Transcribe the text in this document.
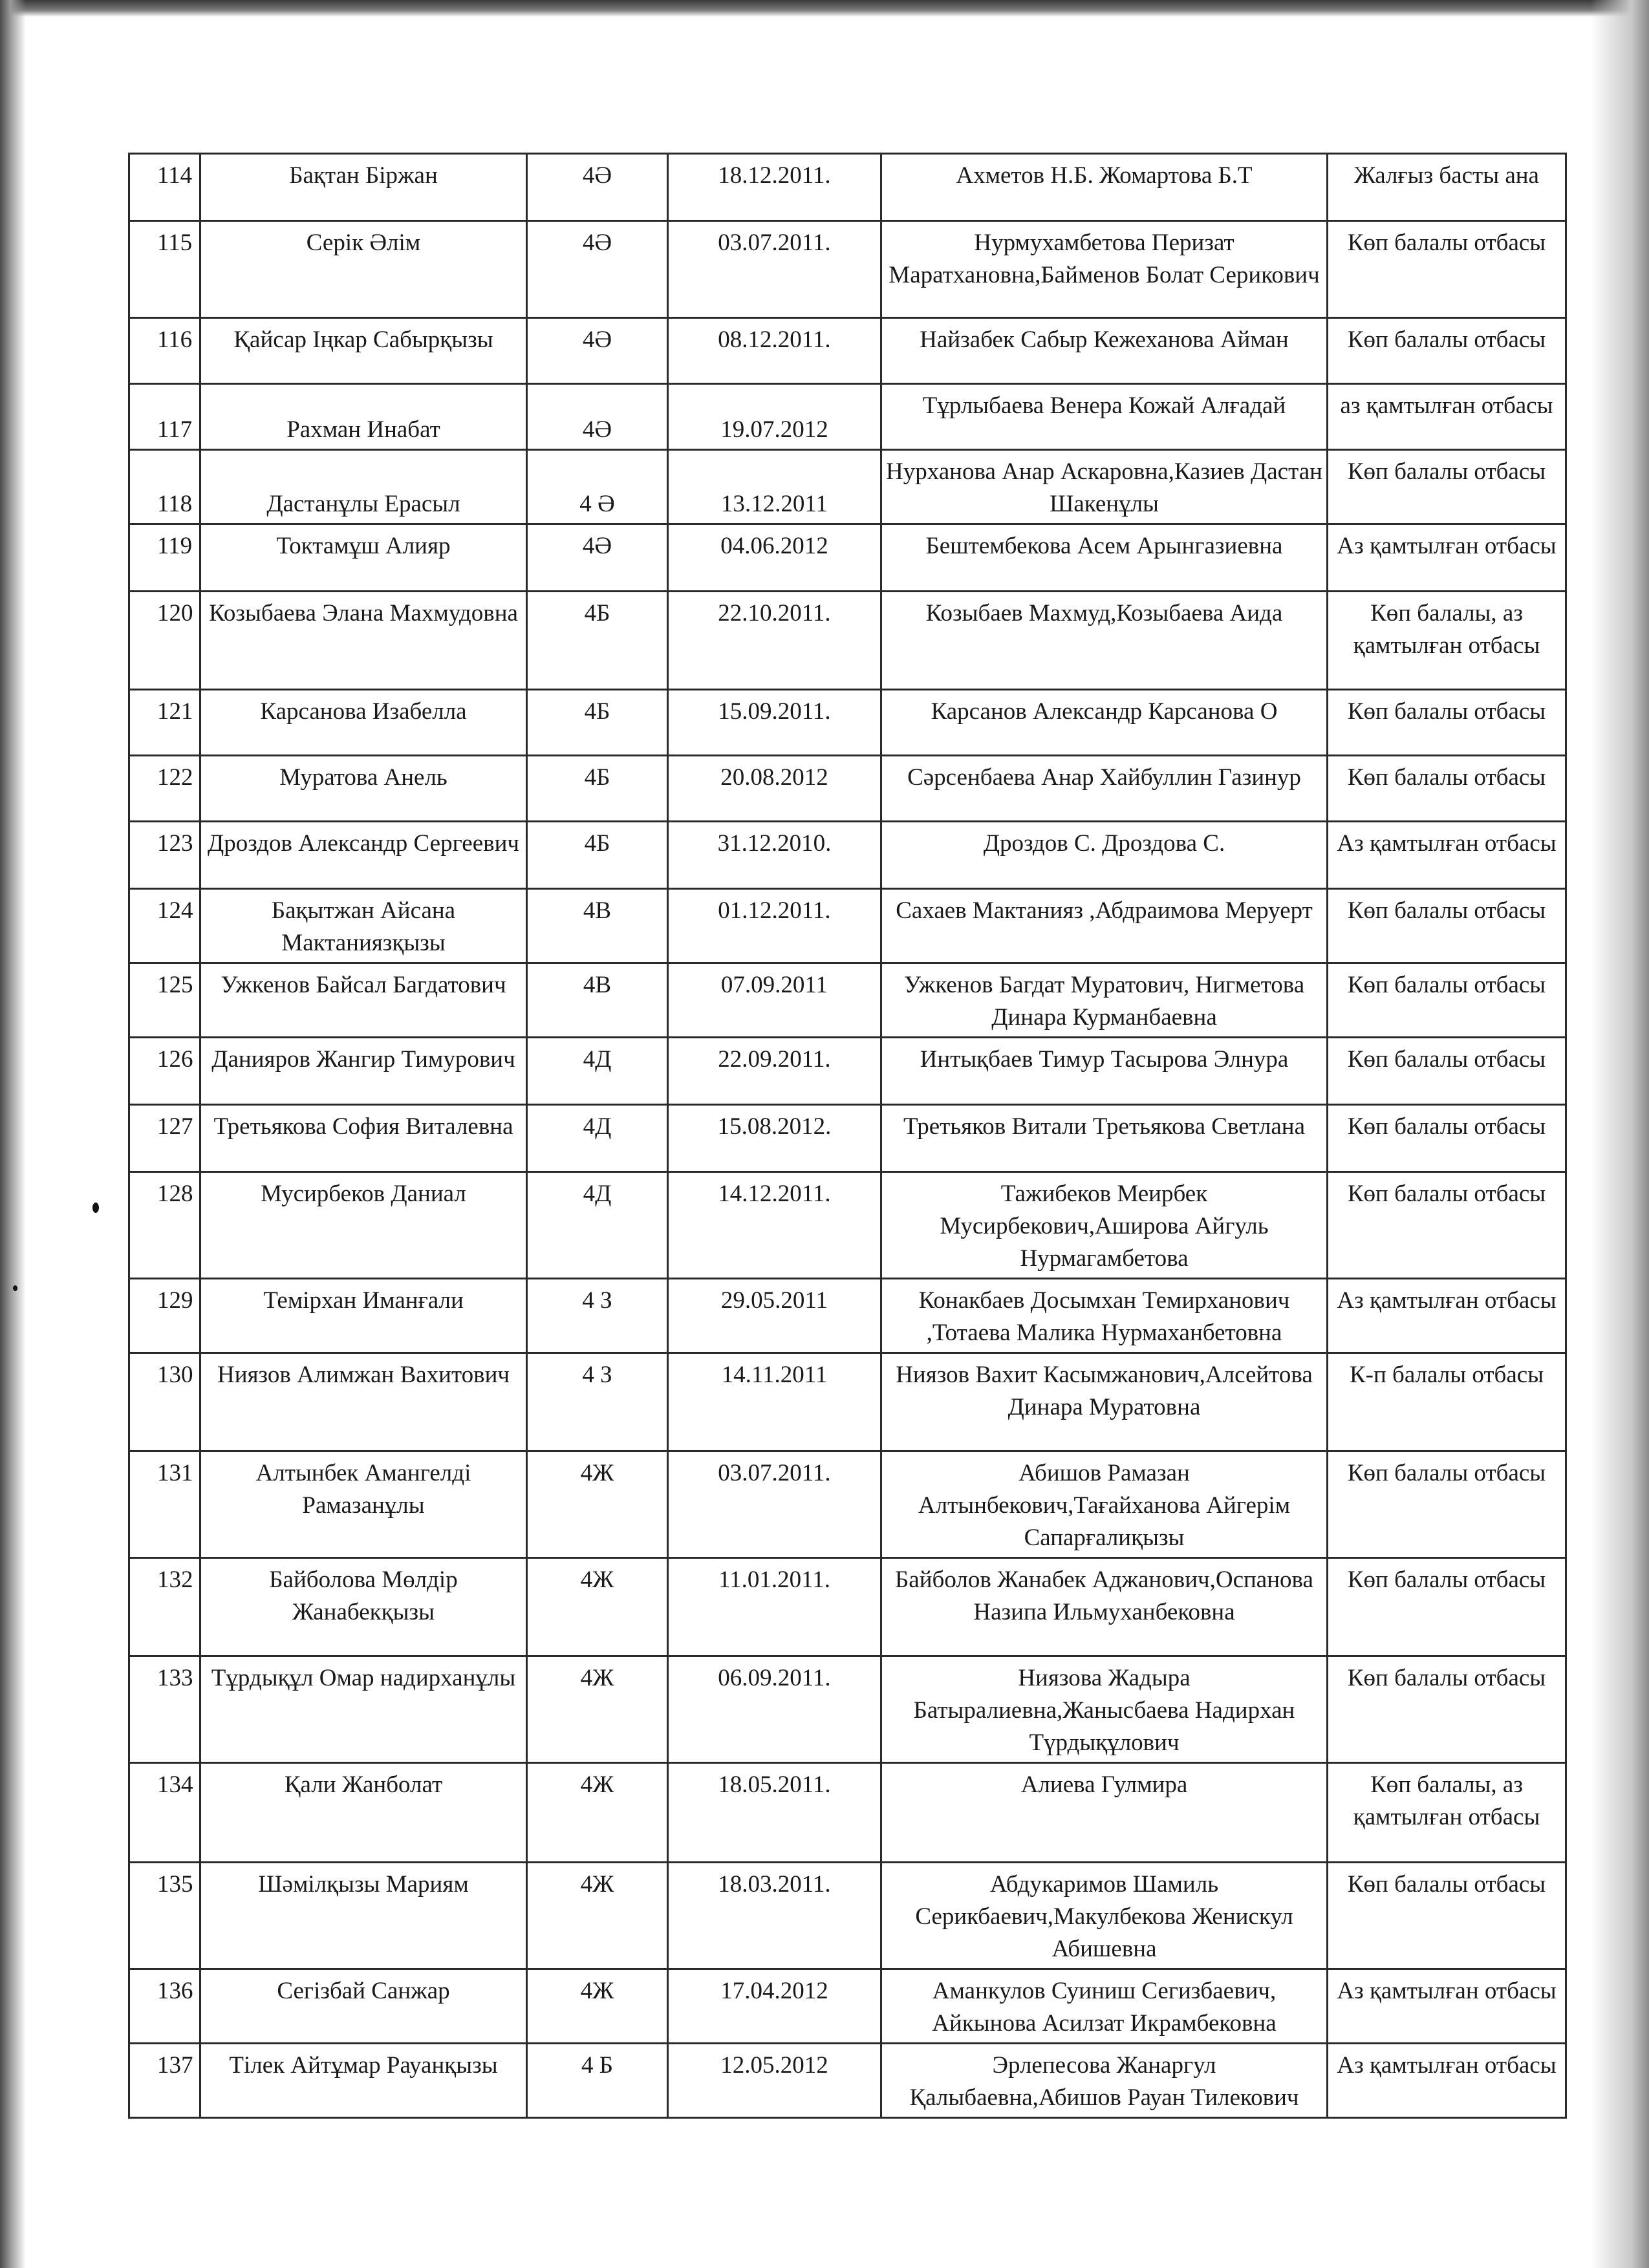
114	Бақтан Біржан	4Ә	18.12.2011.	Ахметов Н.Б. Жомартова Б.Т	Жалғыз басты ана
115	Серік Әлім	4Ә	03.07.2011.	Нурмухамбетова Перизат Маратхановна,Байменов Болат Серикович	Көп балалы отбасы
116	Қайсар Іңкар Сабырқызы	4Ә	08.12.2011.	Найзабек Сабыр Кежеханова Айман	Көп балалы отбасы
117	Рахман Инабат	4Ә	19.07.2012	Тұрлыбаева Венера Кожай Алғадай	аз қамтылған отбасы
118	Дастанұлы Ерасыл	4 Ә	13.12.2011	Нурханова Анар Аскаровна,Казиев Дастан Шакенұлы	Көп балалы отбасы
119	Токтамұш Алияр	4Ә	04.06.2012	Бештембекова Асем Арынгазиевна	Аз қамтылған отбасы
120	Козыбаева Элана Махмудовна	4Б	22.10.2011.	Козыбаев Махмуд,Козыбаева Аида	Көп балалы, аз қамтылған отбасы
121	Карсанова Изабелла	4Б	15.09.2011.	Карсанов Александр Карсанова О	Көп балалы отбасы
122	Муратова Анель	4Б	20.08.2012	Сәрсенбаева Анар Хайбуллин Газинур	Көп балалы отбасы
123	Дроздов Александр Сергеевич	4Б	31.12.2010.	Дроздов С. Дроздова С.	Аз қамтылған отбасы
124	Бақытжан Айсана Мактаниязқызы	4В	01.12.2011.	Сахаев Мактанияз ,Абдраимова Меруерт	Көп балалы отбасы
125	Ужкенов Байсал Багдатович	4В	07.09.2011	Ужкенов Багдат Муратович, Нигметова Динара Курманбаевна	Көп балалы отбасы
126	Данияров Жангир Тимурович	4Д	22.09.2011.	Интықбаев Тимур Тасырова Элнура	Көп балалы отбасы
127	Третьякова София Виталевна	4Д	15.08.2012.	Третьяков Витали Третьякова Светлана	Көп балалы отбасы
128	Мусирбеков Даниал	4Д	14.12.2011.	Тажибеков Меирбек Мусирбекович,Аширова Айгуль Нурмагамбетова	Көп балалы отбасы
129	Темірхан Иманғали	4 З	29.05.2011	Конакбаев Досымхан Темирханович ,Тотаева Малика Нурмаханбетовна	Аз қамтылған отбасы
130	Ниязов Алимжан Вахитович	4 З	14.11.2011	Ниязов Вахит Касымжанович,Алсейтова Динара Муратовна	К-п балалы отбасы
131	Алтынбек Амангелді Рамазанұлы	4Ж	03.07.2011.	Абишов Рамазан Алтынбекович,Тағайханова Айгерім Сапарғалиқызы	Көп балалы отбасы
132	Байболова Мөлдір Жанабекқызы	4Ж	11.01.2011.	Байболов Жанабек Аджанович,Оспанова Назипа Ильмуханбековна	Көп балалы отбасы
133	Тұрдықұл Омар надирханұлы	4Ж	06.09.2011.	Ниязова Жадыра Батыралиевна,Жанысбаева Надирхан Түрдықұлович	Көп балалы отбасы
134	Қали Жанболат	4Ж	18.05.2011.	Алиева Гулмира	Көп балалы, аз қамтылған отбасы
135	Шәмілқызы Мариям	4Ж	18.03.2011.	Абдукаримов Шамиль Серикбаевич,Макулбекова Женискул Абишевна	Көп балалы отбасы
136	Сегізбай Санжар	4Ж	17.04.2012	Аманкулов Суиниш Сегизбаевич, Айкынова Асилзат Икрамбековна	Аз қамтылған отбасы
137	Тілек Айтұмар Рауанқызы	4 Б	12.05.2012	Эрлепесова Жанаргул Қалыбаевна,Абишов Рауан Тилекович	Аз қамтылған отбасы
